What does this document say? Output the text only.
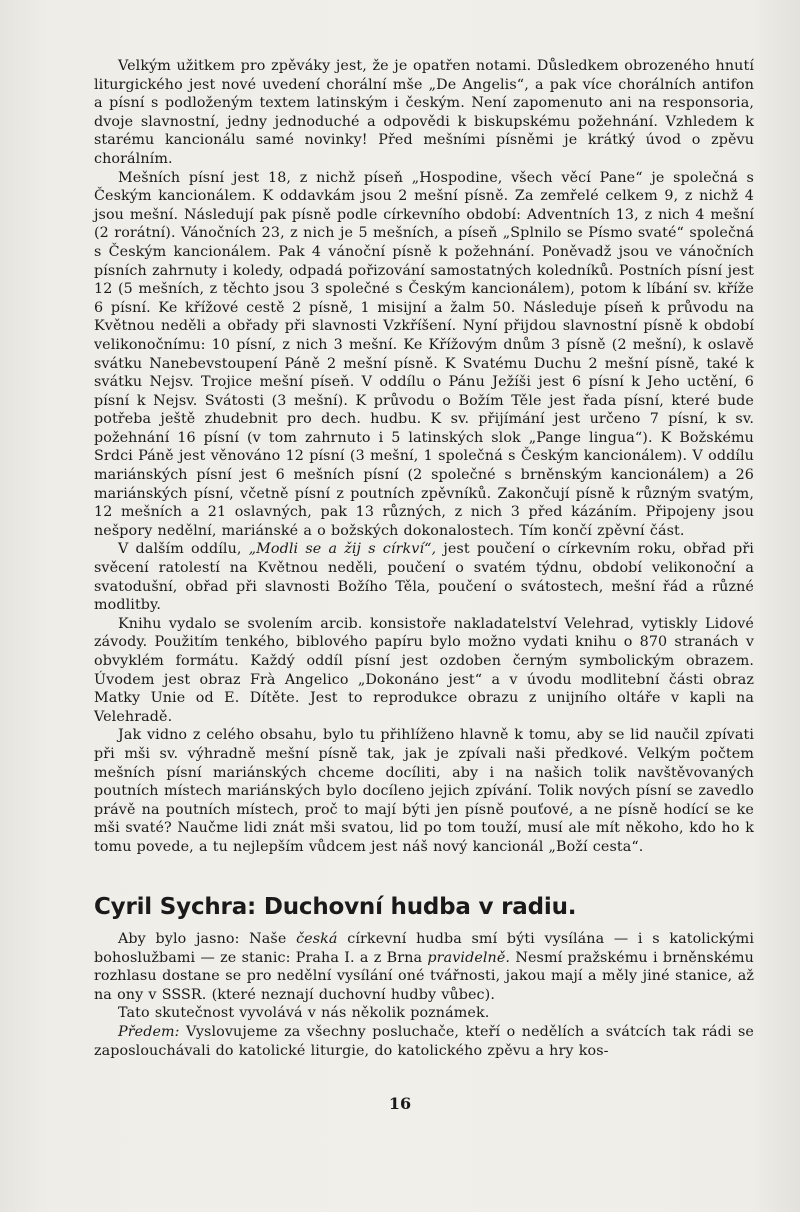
Velkým užitkem pro zpěváky jest, že je opatřen notami. Důsledkem obrozeného hnutí liturgického jest nové uvedení chorální mše „De Angelis“, a pak více chorálních antifon a písní s podloženým textem latinským i českým. Není zapomenuto ani na responsoria, dvoje slavnostní, jedny jednoduché a odpovědi k biskupskému požehnání. Vzhledem k starému kancionálu samé novinky! Před mešními písněmi je krátký úvod o zpěvu chorálním.

Mešních písní jest 18, z nichž píseň „Hospodine, všech věcí Pane“ je společná s Českým kancionálem. K oddavkám jsou 2 mešní písně. Za zemřelé celkem 9, z nichž 4 jsou mešní. Následují pak písně podle církevního období: Adventních 13, z nich 4 mešní (2 rorátní). Vánočních 23, z nich je 5 mešních, a píseň „Splnilo se Písmo svaté“ společná s Českým kancionálem. Pak 4 vánoční písně k požehnání. Poněvadž jsou ve vánočních písních zahrnuty i koledy, odpadá pořizování samostatných koledníků. Postních písní jest 12 (5 mešních, z těchto jsou 3 společné s Českým kancionálem), potom k líbání sv. kříže 6 písní. Ke křížové cestě 2 písně, 1 misijní a žalm 50. Následuje píseň k průvodu na Květnou neděli a obřady při slavnosti Vzkříšení. Nyní přijdou slavnostní písně k období velikonočnímu: 10 písní, z nich 3 mešní. Ke Křížovým dnům 3 písně (2 mešní), k oslavě svátku Nanebevstoupení Páně 2 mešní písně. K Svatému Duchu 2 mešní písně, také k svátku Nejsv. Trojice mešní píseň. V oddílu o Pánu Ježíši jest 6 písní k Jeho uctění, 6 písní k Nejsv. Svátosti (3 mešní). K průvodu o Božím Těle jest řada písní, které bude potřeba ještě zhudebnit pro dech. hudbu. K sv. přijímání jest určeno 7 písní, k sv. požehnání 16 písní (v tom zahrnuto i 5 latinských slok „Pange lingua“). K Božskému Srdci Páně jest věnováno 12 písní (3 mešní, 1 společná s Českým kancionálem). V oddílu mariánských písní jest 6 mešních písní (2 společné s brněnským kancionálem) a 26 mariánských písní, včetně písní z poutních zpěvníků. Zakončují písně k různým svatým, 12 mešních a 21 oslavných, pak 13 různých, z nich 3 před kázáním. Připojeny jsou nešpory nedělní, mariánské a o božských dokonalostech. Tím končí zpěvní část.

V dalším oddílu, „Modli se a žij s církví“, jest poučení o církevním roku, obřad při svěcení ratolestí na Květnou neděli, poučení o svatém týdnu, období velikonoční a svatodušní, obřad při slavnosti Božího Těla, poučení o svátostech, mešní řád a různé modlitby.

Knihu vydalo se svolením arcib. konsistoře nakladatelství Velehrad, vytiskly Lidové závody. Použitím tenkého, biblového papíru bylo možno vydati knihu o 870 stranách v obvyklém formátu. Každý oddíl písní jest ozdoben černým symbolickým obrazem. Úvodem jest obraz Frà Angelico „Dokonáno jest“ a v úvodu modlitební části obraz Matky Unie od E. Dítěte. Jest to reprodukce obrazu z unijního oltáře v kapli na Velehradě.

Jak vidno z celého obsahu, bylo tu přihlíženo hlavně k tomu, aby se lid naučil zpívati při mši sv. výhradně mešní písně tak, jak je zpívali naši předkové. Velkým počtem mešních písní mariánských chceme docíliti, aby i na našich tolik navštěvovaných poutních místech mariánských bylo docíleno jejich zpívání. Tolik nových písní se zavedlo právě na poutních místech, proč to mají býti jen písně pouťové, a ne písně hodící se ke mši svaté? Naučme lidi znát mši svatou, lid po tom touží, musí ale mít někoho, kdo ho k tomu povede, a tu nejlepším vůdcem jest náš nový kancionál „Boží cesta“.

Cyril Sychra: Duchovní hudba v radiu.

Aby bylo jasno: Naše česká církevní hudba smí býti vysílána — i s katolickými bohoslužbami — ze stanic: Praha I. a z Brna pravidelně. Nesmí pražskému i brněnskému rozhlasu dostane se pro nedělní vysílání oné tvářnosti, jakou mají a měly jiné stanice, až na ony v SSSR. (které neznají duchovní hudby vůbec).

Tato skutečnost vyvolává v nás několik poznámek.

Předem: Vyslovujeme za všechny posluchače, kteří o nedělích a svátcích tak rádi se zaposlouchávali do katolické liturgie, do katolického zpěvu a hry kos-

16
